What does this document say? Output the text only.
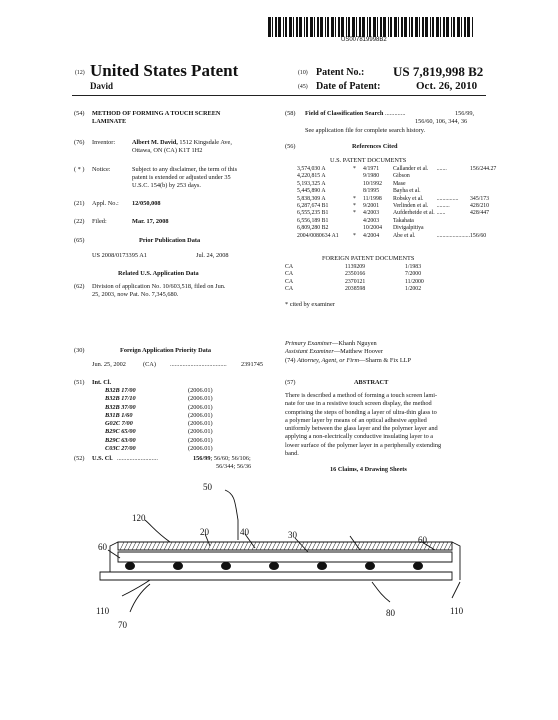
US007819998B2
(12) United States Patent
David
(10) Patent No.: US 7,819,998 B2
(45) Date of Patent:	Oct. 26, 2010
(54) METHOD OF FORMING A TOUCH SCREEN LAMINATE
(76) Inventor:	Albert M. David, 1512 Kingsdale Ave,
Ottawa, ON (CA) K1T 1H2
( * ) Notice:	Subject to any disclaimer, the term of this
patent is extended or adjusted under 35
U.S.C. 154(b) by 253 days.
(21) Appl. No.: 12/050,008
(22) Filed:	Mar. 17, 2008
(65)	Prior Publication Data
US 2008/0173395 A1	Jul. 24, 2008
Related U.S. Application Data
(62) Division of application No. 10/603,518, filed on Jun.
25, 2003, now Pat. No. 7,345,680.
(30)	Foreign Application Priority Data
Jun. 25, 2002	(CA) .................................... 2391745
(51) Int. Cl.
B32B 17/00	(2006.01)
B32B 17/10	(2006.01)
B32B 37/00	(2006.01)
B31B 1/60	(2006.01)
G02C 7/00	(2006.01)
B29C 65/00	(2006.01)
B29C 63/00	(2006.01)
C03C 27/00	(2006.01)
(52) U.S. Cl. ..........................	156/99; 56/60; 56/106;
56/344; 56/36
(58) Field of Classification Search .............	156/99,
156/60, 106, 344, 36
See application file for complete search history.
(56)	References Cited
U.S. PATENT DOCUMENTS
3,574,030 A	*	4/1971	Callander et al.	.......	156/244.27
4,220,815 A		9/1980	Gibson		
5,193,325 A		10/1992	Mase		
5,445,890 A		8/1995	Bayha et al.		
5,838,309 A	*	11/1998	Robsky et al.	...............	345/173
6,287,674 B1	*	9/2001	Verlinden et al.	.........	428/210
6,555,235 B1	*	4/2003	Aufderheide et al.	......	428/447
6,556,189 B1		4/2003	Takahata		
6,809,280 B2		10/2004	Divigalpitiya		
2004/0080634 A1	*	4/2004	Abe et al.	.......................	156/60
FOREIGN PATENT DOCUMENTS
CA	1139209	1/1983
CA	2350166	7/2000
CA	2370121	11/2000
CA	2038598	1/2002
* cited by examiner
Primary Examiner—Khanh Nguyen
Assistant Examiner—Matthew Hoover
(74) Attorney, Agent, or Firm—Sharm & Fix LLP
(57)	ABSTRACT
There is described a method of forming a touch screen lami-
nate for use in a resistive touch screen display, the method
comprising the steps of bonding a layer of ultra-thin glass to
a polymer layer by means of an optical adhesive applied
uniformly between the glass layer and the polymer layer and
applying a non-electrically conductive insulating layer to a
lower surface of the polymer layer in a peripherally extending
band.
16 Claims, 4 Drawing Sheets
50
120
20	40	30	60
60
110
70
80	110
